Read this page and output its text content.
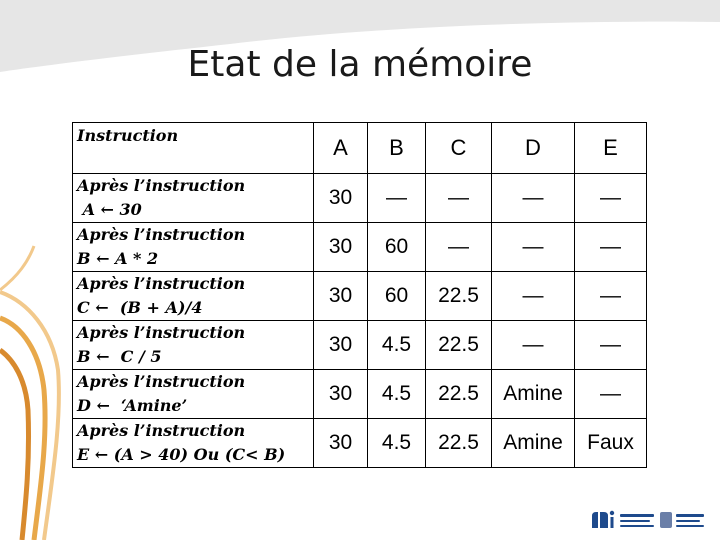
Etat de la mémoire
Instruction	A	B	C	D	E

Après l’instruction
A ← 30	30	—	—	—	—

Après l’instruction
B ← A * 2	30	60	—	—	—

Après l’instruction
C ←  (B + A)/4	30	60	22.5	—	—

Après l’instruction
B ←  C / 5	30	4.5	22.5	—	—

Après l’instruction
D ←  ‘Amine’	30	4.5	22.5	Amine	—

Après l’instruction
E ← (A > 40) Ou (C< B)	30	4.5	22.5	Amine	Faux
